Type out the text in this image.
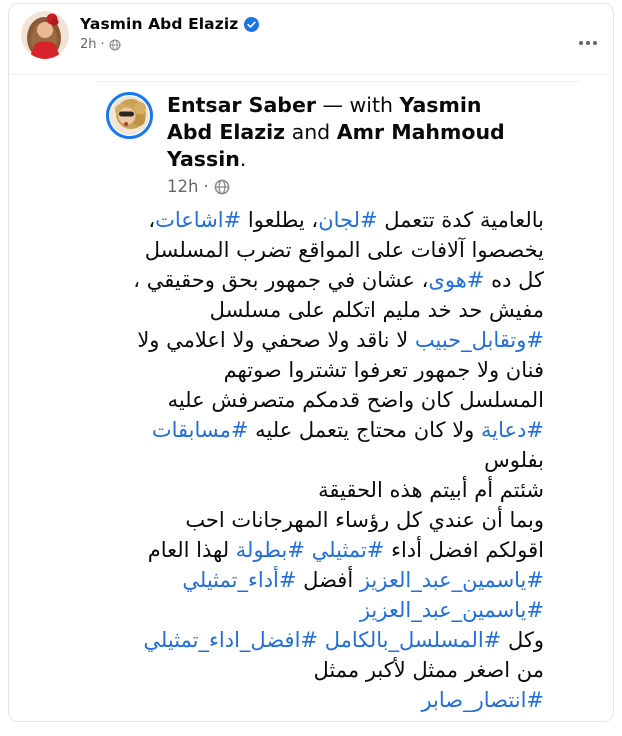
Yasmin Abd Elaziz
2h ·
Entsar Saber — with Yasmin
Abd Elaziz and Amr Mahmoud
Yassin.
12h ·
بالعامية كدة تتعمل #لجان، يطلعوا #اشاعات،
يخصصوا آلافات على المواقع تضرب المسلسل
كل ده #هوى، عشان في جمهور بحق وحقيقي ،
مفيش حد خد مليم اتكلم على مسلسل
#وتقابل_حبيب لا ناقد ولا صحفي ولا اعلامي ولا
فنان ولا جمهور تعرفوا تشتروا صوتهم
المسلسل كان واضح قدمكم متصرفش عليه
#دعاية ولا كان محتاج يتعمل عليه #مسابقات
بفلوس
شئتم أم أبيتم هذه الحقيقة
وبما أن عندي كل رؤساء المهرجانات احب
اقولكم افضل أداء #تمثيلي #بطولة لهذا العام
#ياسمين_عبد_العزيز أفضل #أداء_تمثيلي
#ياسمين_عبد_العزيز
وكل #المسلسل_بالكامل #افضل_اداء_تمثيلي
من اصغر ممثل لأكبر ممثل
#انتصار_صابر
